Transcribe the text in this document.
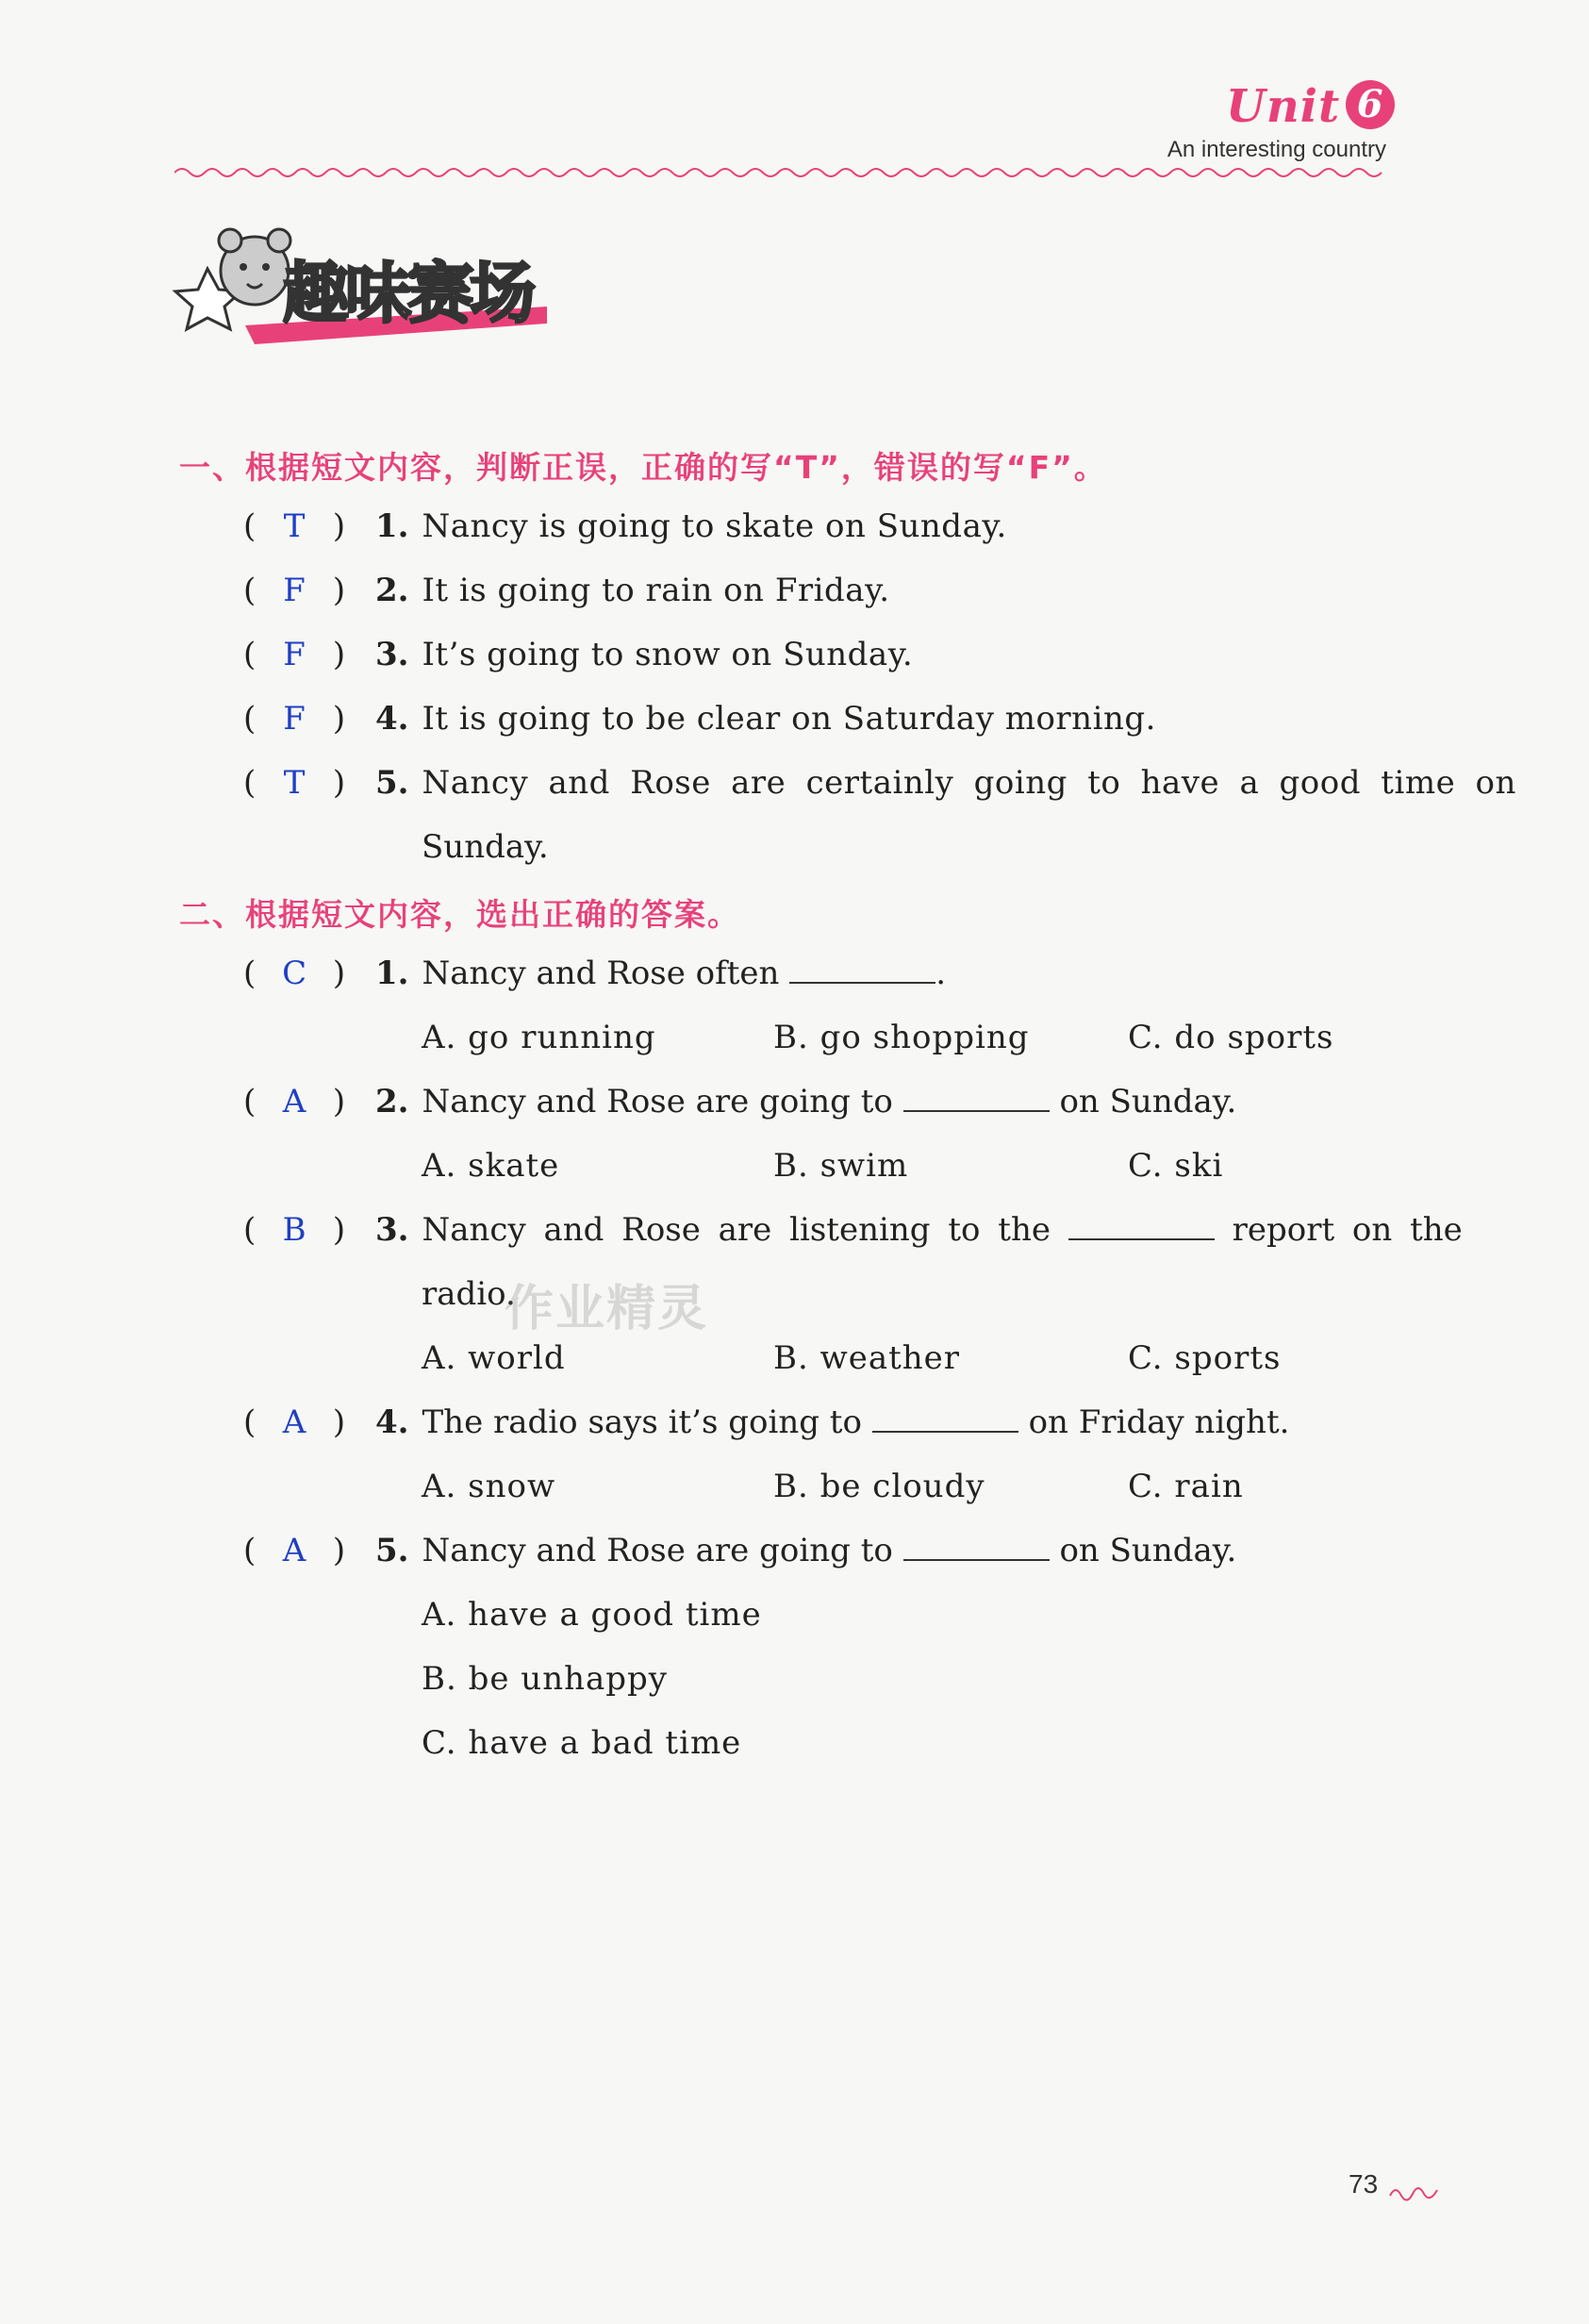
Unit 6
An interesting country
趣味赛场
一、根据短文内容，判断正误，正确的写“T”，错误的写“F”。
( T ) 1. Nancy is going to skate on Sunday.
( F ) 2. It is going to rain on Friday.
( F ) 3. It’s going to snow on Sunday.
( F ) 4. It is going to be clear on Saturday morning.
( T ) 5. Nancy and Rose are certainly going to have a good time on
Sunday.
二、根据短文内容，选出正确的答案。
( C ) 1. Nancy and Rose often	.
A. go running	B. go shopping	C. do sports
( A ) 2. Nancy and Rose are going to	on Sunday.
A. skate	B. swim	C. ski
( B ) 3. Nancy and Rose are listening to the	report on the
radio.
A. world	B. weather	C. sports
作业精灵
( A ) 4. The radio says it’s going to	on Friday night.
A. snow	B. be cloudy	C. rain
( A ) 5. Nancy and Rose are going to	on Sunday.
A. have a good time
B. be unhappy
C. have a bad time
73
